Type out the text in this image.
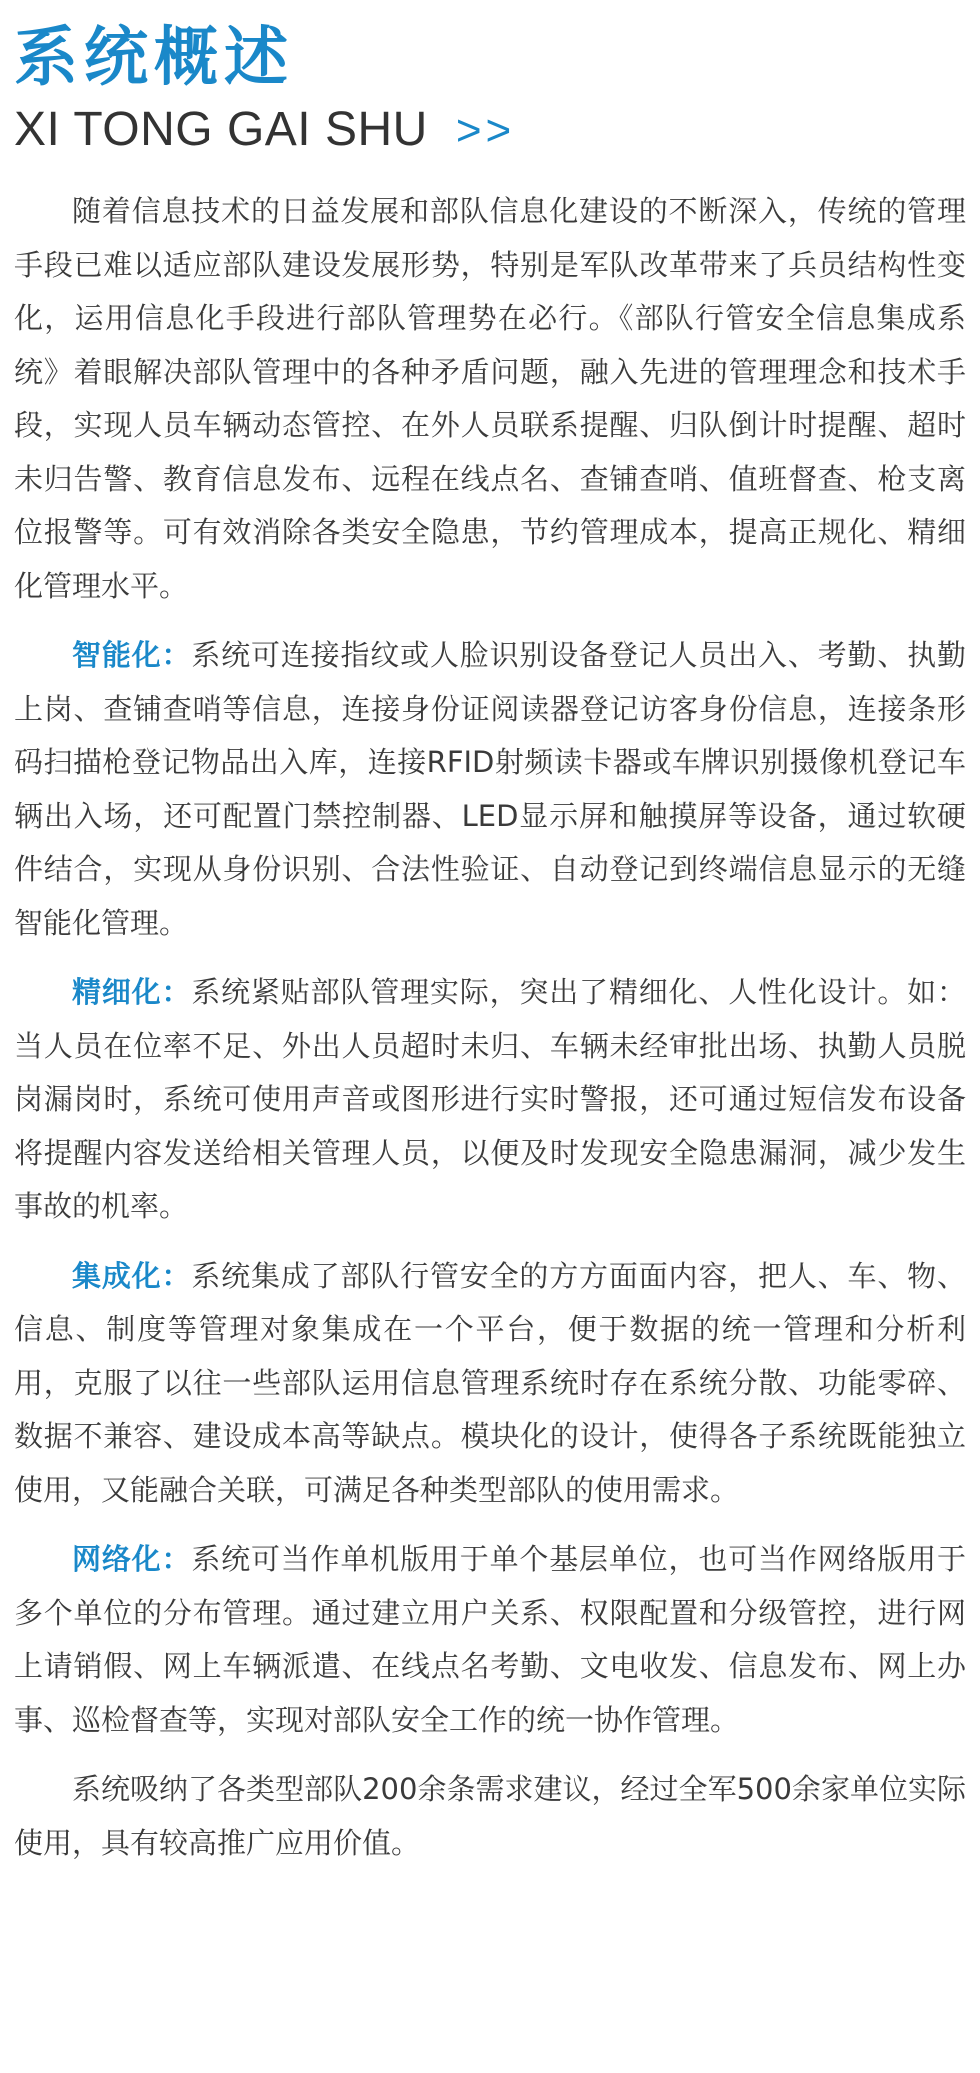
系统概述
XI TONG GAI SHU >>

随着信息技术的日益发展和部队信息化建设的不断深入，传统的管理手段已难以适应部队建设发展形势，特别是军队改革带来了兵员结构性变化，运用信息化手段进行部队管理势在必行。《部队行管安全信息集成系统》着眼解决部队管理中的各种矛盾问题，融入先进的管理理念和技术手段，实现人员车辆动态管控、在外人员联系提醒、归队倒计时提醒、超时未归告警、教育信息发布、远程在线点名、查铺查哨、值班督查、枪支离位报警等。可有效消除各类安全隐患，节约管理成本，提高正规化、精细化管理水平。

智能化：系统可连接指纹或人脸识别设备登记人员出入、考勤、执勤上岗、查铺查哨等信息，连接身份证阅读器登记访客身份信息，连接条形码扫描枪登记物品出入库，连接RFID射频读卡器或车牌识别摄像机登记车辆出入场，还可配置门禁控制器、LED显示屏和触摸屏等设备，通过软硬件结合，实现从身份识别、合法性验证、自动登记到终端信息显示的无缝智能化管理。

精细化：系统紧贴部队管理实际，突出了精细化、人性化设计。如：当人员在位率不足、外出人员超时未归、车辆未经审批出场、执勤人员脱岗漏岗时，系统可使用声音或图形进行实时警报，还可通过短信发布设备将提醒内容发送给相关管理人员，以便及时发现安全隐患漏洞，减少发生事故的机率。

集成化：系统集成了部队行管安全的方方面面内容，把人、车、物、信息、制度等管理对象集成在一个平台，便于数据的统一管理和分析利用，克服了以往一些部队运用信息管理系统时存在系统分散、功能零碎、数据不兼容、建设成本高等缺点。模块化的设计，使得各子系统既能独立使用，又能融合关联，可满足各种类型部队的使用需求。

网络化：系统可当作单机版用于单个基层单位，也可当作网络版用于多个单位的分布管理。通过建立用户关系、权限配置和分级管控，进行网上请销假、网上车辆派遣、在线点名考勤、文电收发、信息发布、网上办事、巡检督查等，实现对部队安全工作的统一协作管理。

系统吸纳了各类型部队200余条需求建议，经过全军500余家单位实际使用，具有较高推广应用价值。
